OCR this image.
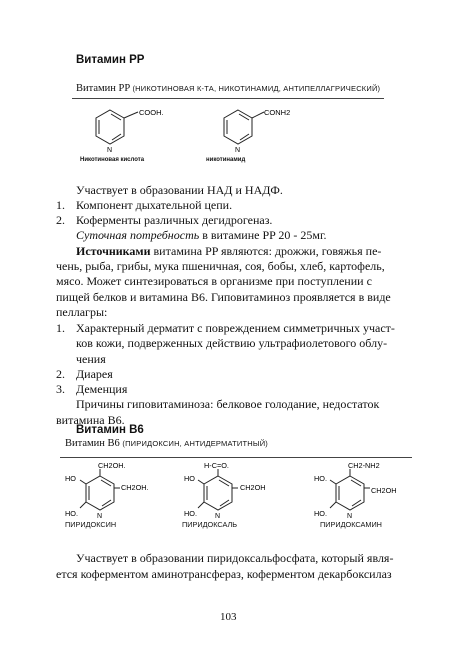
Витамин PP
Витамин PP (НИКОТИНОВАЯ К-ТА, НИКОТИНАМИД, АНТИПЕЛЛАГРИЧЕСКИЙ)
COOH.
N
Никотиновая кислота
CONH2
N
никотинамид
Участвует в образовании НАД и НАДФ.
1. Компонент дыхательной цепи.
2. Коферменты различных дегидрогеназ.
Суточная потребность в витамине PP 20 - 25мг.
Источниками витамина PP являются: дрожжи, говяжья пе-
чень, рыба, грибы, мука пшеничная, соя, бобы, хлеб, картофель,
мясо. Может синтезироваться в организме при поступлении с
пищей белков и витамина В6. Гиповитаминоз проявляется в виде
пеллагры:
1. Характерный дерматит с повреждением симметричных участ-
ков кожи, подверженных действию ультрафиолетового облу-
чения
2. Диарея
3. Деменция
Причины гиповитаминоза: белковое голодание, недостаток
витамина В6.
Витамин В6
Витамин В6 (ПИРИДОКСИН, АНТИДЕРМАТИТНЫЙ)
CH2OH.
CH2OH.
HO
HO.	N
ПИРИДОКСИН
H-C=O.
CH2OH
HO
HO.	N
ПИРИДОКСАЛЬ
CH2-NH2
CH2OH
HO.
HO.	N
ПИРИДОКСАМИН
Участвует в образовании пиридоксальфосфата, который явля-
ется коферментом аминотрансфераз, коферментом декарбоксилаз
103
